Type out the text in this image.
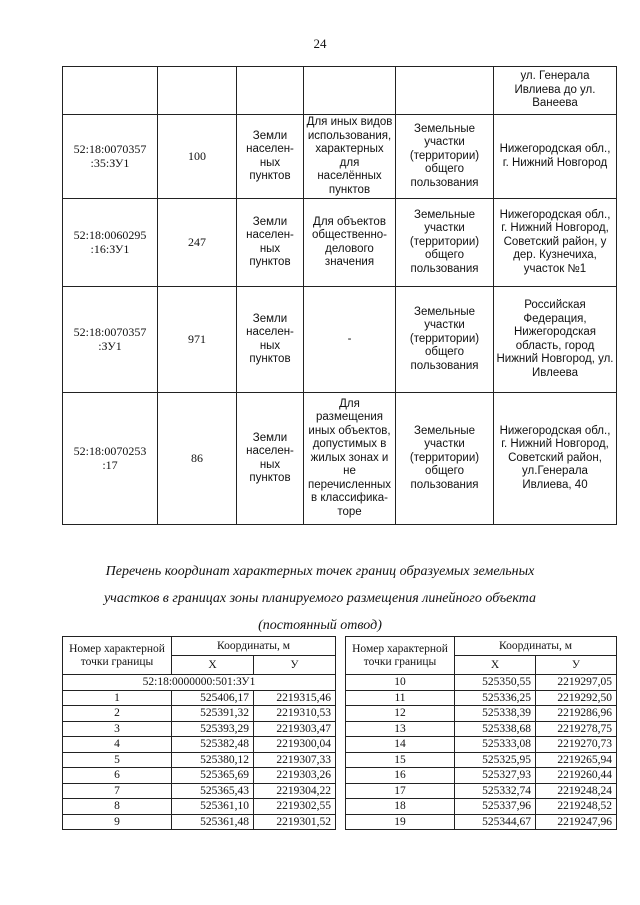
24
					ул. Генерала Ивлиева до ул. Ванеева
52:18:0070357 :35:ЗУ1	100	Земли населен-ных пунктов	Для иных видов использования, характерных для населённых пунктов	Земельные участки (территории) общего пользования	Нижегородская обл., г. Нижний Новгород
52:18:0060295 :16:ЗУ1	247	Земли населен-ных пунктов	Для объектов общественно-делового значения	Земельные участки (территории) общего пользования	Нижегородская обл., г. Нижний Новгород, Советский район, у дер. Кузнечиха, участок №1
52:18:0070357 :ЗУ1	971	Земли населен-ных пунктов	-	Земельные участки (территории) общего пользования	Российская Федерация, Нижегородская область, город Нижний Новгород, ул. Ивлеева
52:18:0070253 :17	86	Земли населен-ных пунктов	Для размещения иных объектов, допустимых в жилых зонах и не перечисленных в классифика-торе	Земельные участки (территории) общего пользования	Нижегородская обл., г. Нижний Новгород, Советский район, ул.Генерала Ивлиева, 40
Перечень координат характерных точек границ образуемых земельных
участков в границах зоны планируемого размещения линейного объекта
(постоянный отвод)
Номер характерной точки границы	Координаты, м	
	Х	У
52:18:0000000:501:ЗУ1		
1	525406,17	2219315,46
2	525391,32	2219310,53
3	525393,29	2219303,47
4	525382,48	2219300,04
5	525380,12	2219307,33
6	525365,69	2219303,26
7	525365,43	2219304,22
8	525361,10	2219302,55
9	525361,48	2219301,52
Номер характерной точки границы	Координаты, м	
	Х	У
10	525350,55	2219297,05
11	525336,25	2219292,50
12	525338,39	2219286,96
13	525338,68	2219278,75
14	525333,08	2219270,73
15	525325,95	2219265,94
16	525327,93	2219260,44
17	525332,74	2219248,24
18	525337,96	2219248,52
19	525344,67	2219247,96
